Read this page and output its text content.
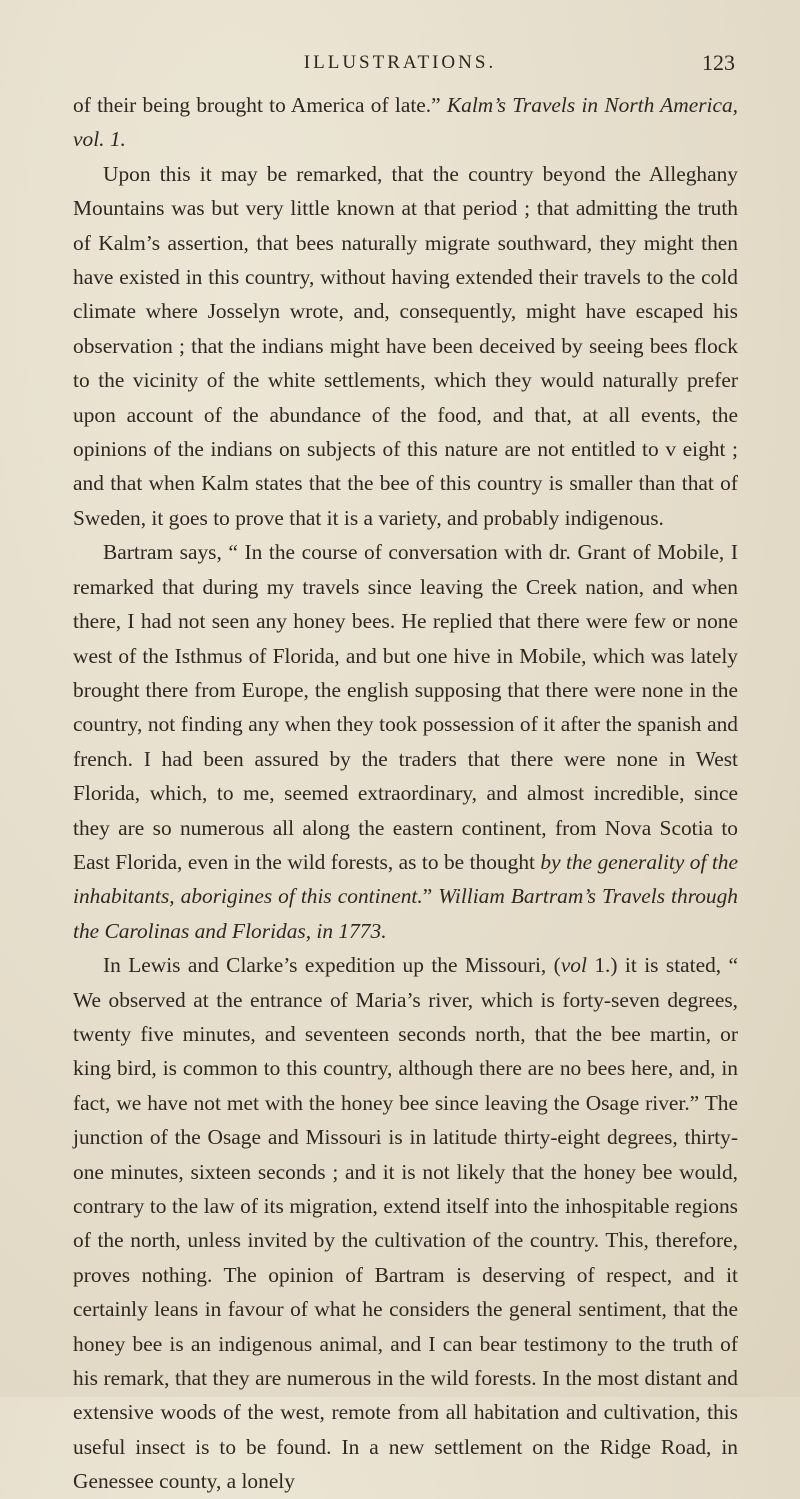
ILLUSTRATIONS.	123

of their being brought to America of late.” Kalm’s Travels in North America, vol. 1.

Upon this it may be remarked, that the country beyond the Alleghany Mountains was but very little known at that period ; that admitting the truth of Kalm’s assertion, that bees naturally migrate southward, they might then have existed in this country, without having extended their travels to the cold climate where Josselyn wrote, and, consequently, might have escaped his observation ; that the indians might have been deceived by seeing bees flock to the vicinity of the white settlements, which they would naturally prefer upon account of the abundance of the food, and that, at all events, the opinions of the indians on subjects of this nature are not entitled to v eight ; and that when Kalm states that the bee of this country is smaller than that of Sweden, it goes to prove that it is a variety, and probably indigenous.

Bartram says, “ In the course of conversation with dr. Grant of Mobile, I remarked that during my travels since leaving the Creek nation, and when there, I had not seen any honey bees. He replied that there were few or none west of the Isthmus of Florida, and but one hive in Mobile, which was lately brought there from Europe, the english supposing that there were none in the country, not finding any when they took possession of it after the spanish and french. I had been assured by the traders that there were none in West Florida, which, to me, seemed extraordinary, and almost incredible, since they are so numerous all along the eastern continent, from Nova Scotia to East Florida, even in the wild forests, as to be thought by the generality of the inhabitants, aborigines of this continent.” William Bartram’s Travels through the Carolinas and Floridas, in 1773.

In Lewis and Clarke’s expedition up the Missouri, (vol 1.) it is stated, “ We observed at the entrance of Maria’s river, which is forty-seven degrees, twenty five minutes, and seventeen seconds north, that the bee martin, or king bird, is common to this country, although there are no bees here, and, in fact, we have not met with the honey bee since leaving the Osage river.” The junction of the Osage and Missouri is in latitude thirty-eight degrees, thirty-one minutes, sixteen seconds ; and it is not likely that the honey bee would, contrary to the law of its migration, extend itself into the inhospitable regions of the north, unless invited by the cultivation of the country. This, therefore, proves nothing. The opinion of Bartram is deserving of respect, and it certainly leans in favour of what he considers the general sentiment, that the honey bee is an indigenous animal, and I can bear testimony to the truth of his remark, that they are numerous in the wild forests. In the most distant and extensive woods of the west, remote from all habitation and cultivation, this useful insect is to be found. In a new settlement on the Ridge Road, in Genessee county, a lonely
